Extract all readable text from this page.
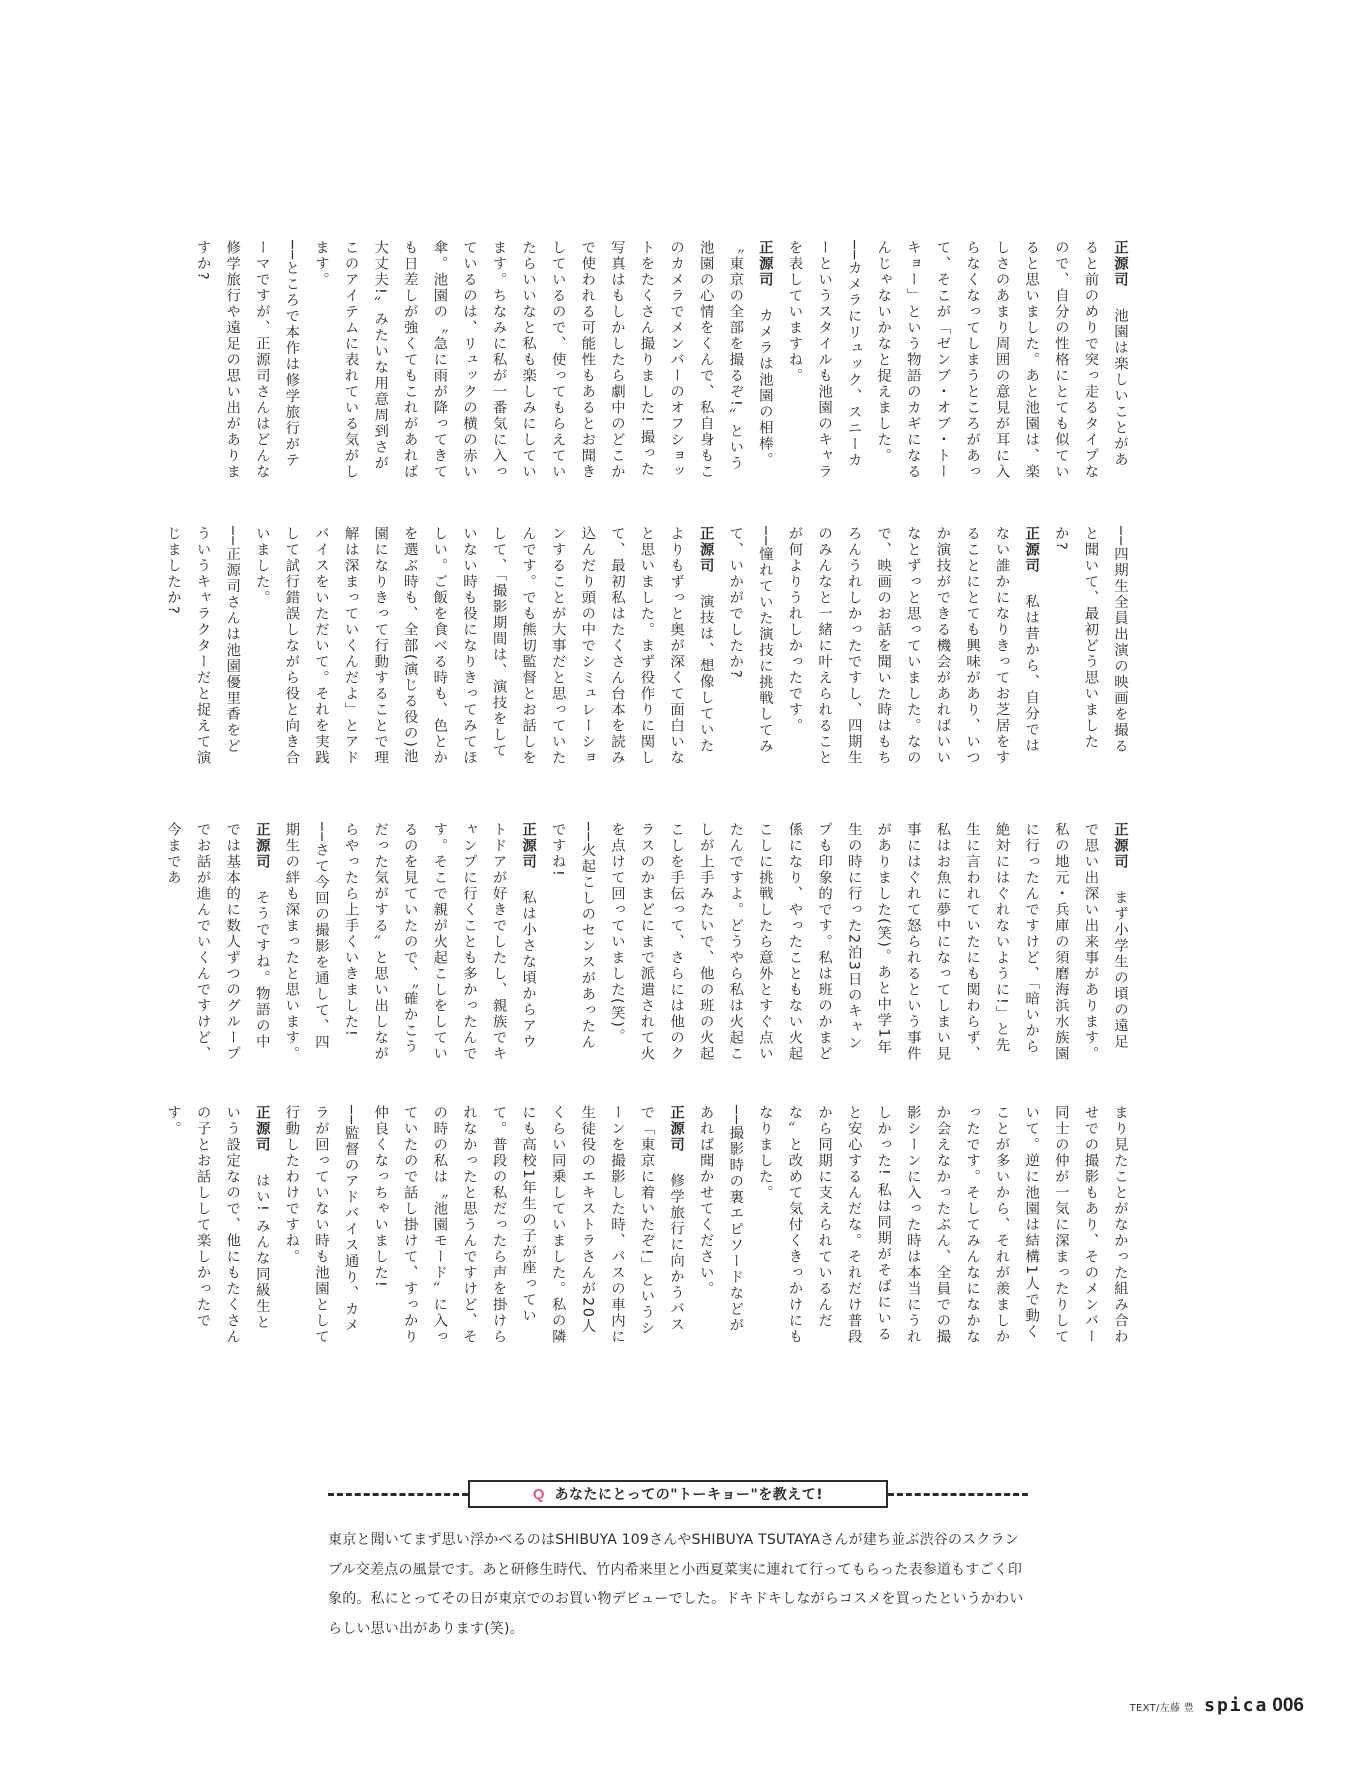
まり見たことがなかった組み合わせでの撮影もあり、そのメンバー同士の仲が一気に深まったりしていて。逆に池園は結構1人で動くことが多いから、それが羨ましかったです。そしてみんなになかなか会えなかったぶん、全員での撮影シーンに入った時は本当にうれしかった! 私は同期がそばにいると安心するんだな。それだけ普段から同期に支えられているんだな〟と改めて気付くきっかけにもなりました。

──撮影時の裏エピソードなどがあれば聞かせてください。

正源司　修学旅行に向かうバスで「東京に着いたぞ!」というシーンを撮影した時、バスの車内に生徒役のエキストラさんが20人くらい同乗していました。私の隣にも高校1年生の子が座っていて。普段の私だったら声を掛けられなかったと思うんですけど、その時の私は〝池園モード〟に入っていたので話し掛けて、すっかり仲良くなっちゃいました!

──監督のアドバイス通り、カメラが回っていない時も池園として行動したわけですね。

正源司　はい! みんな同級生という設定なので、他にもたくさんの子とお話しして楽しかったです。

正源司　まず小学生の頃の遠足で思い出深い出来事があります。私の地元・兵庫の須磨海浜水族園に行ったんですけど、「暗いから絶対にはぐれないように!」と先生に言われていたにも関わらず、私はお魚に夢中になってしまい見事にはぐれて怒られるという事件がありました(笑)。あと中学1年生の時に行った2泊3日のキャンプも印象的です。私は班のかまど係になり、やったこともない火起こしに挑戦したら意外とすぐ点いたんですよ。どうやら私は火起こしが上手みたいで、他の班の火起こしを手伝って、さらには他のクラスのかまどにまで派遣されて火を点けて回っていました(笑)。

──火起こしのセンスがあったんですね!

正源司　私は小さな頃からアウトドアが好きでしたし、親族でキャンプに行くことも多かったんです。そこで親が火起こしをしているのを見ていたので、〝確かこうだった気がする〟と思い出しながらやったら上手くいきました!

──さて今回の撮影を通して、四期生の絆も深まったと思います。

正源司　そうですね。物語の中では基本的に数人ずつのグループでお話が進んでいくんですけど、今まであ

──四期生全員出演の映画を撮ると聞いて、最初どう思いましたか?

正源司　私は昔から、自分ではない誰かになりきってお芝居をすることにとても興味があり、いつか演技ができる機会があればいいなとずっと思っていました。なので、映画のお話を聞いた時はもちろんうれしかったですし、四期生のみんなと一緒に叶えられることが何よりうれしかったです。

──憧れていた演技に挑戦してみて、いかがでしたか?

正源司　演技は、想像していたよりもずっと奥が深くて面白いなと思いました。まず役作りに関して、最初私はたくさん台本を読み込んだり頭の中でシミュレーションすることが大事だと思っていたんです。でも熊切監督とお話しをして、「撮影期間は、演技をしていない時も役になりきってみてほしい。ご飯を食べる時も、色とかを選ぶ時も、全部(演じる役の)池園になりきって行動することで理解は深まっていくんだよ」とアドバイスをいただいて。それを実践して試行錯誤しながら役と向き合いました。

──正源司さんは池園優里香をどういうキャラクターだと捉えて演じましたか?

正源司　池園は楽しいことがあると前のめりで突っ走るタイプなので、自分の性格にとても似ていると思いました。あと池園は、楽しさのあまり周囲の意見が耳に入らなくなってしまうところがあって、そこが「ゼンブ・オブ・トーキョー」という物語のカギになるんじゃないかなと捉えました。

──カメラにリュック、スニーカーというスタイルも池園のキャラを表していますね。

正源司　カメラは池園の相棒。〝東京の全部を撮るぞ!〟という池園の心情をくんで、私自身もこのカメラでメンバーのオフショットをたくさん撮りました! 撮った写真はもしかしたら劇中のどこかで使われる可能性もあるとお聞きしているので、使ってもらえていたらいいなと私も楽しみにしています。ちなみに私が一番気に入っているのは、リュックの横の赤い傘。池園の〝急に雨が降ってきても日差しが強くてもこれがあれば大丈夫!〟みたいな用意周到さがこのアイテムに表れている気がします。

──ところで本作は修学旅行がテーマですが、正源司さんはどんな修学旅行や遠足の思い出がありますか?

Q あなたにとっての"トーキョー"を教えて!

東京と聞いてまず思い浮かべるのはSHIBUYA 109さんやSHIBUYA TSUTAYAさんが建ち並ぶ渋谷のスクランブル交差点の風景です。あと研修生時代、竹内希来里と小西夏菜実に連れて行ってもらった表参道もすごく印象的。私にとってその日が東京でのお買い物デビューでした。ドキドキしながらコスメを買ったというかわいらしい思い出があります(笑)。

TEXT/左藤 豊 spica 006
